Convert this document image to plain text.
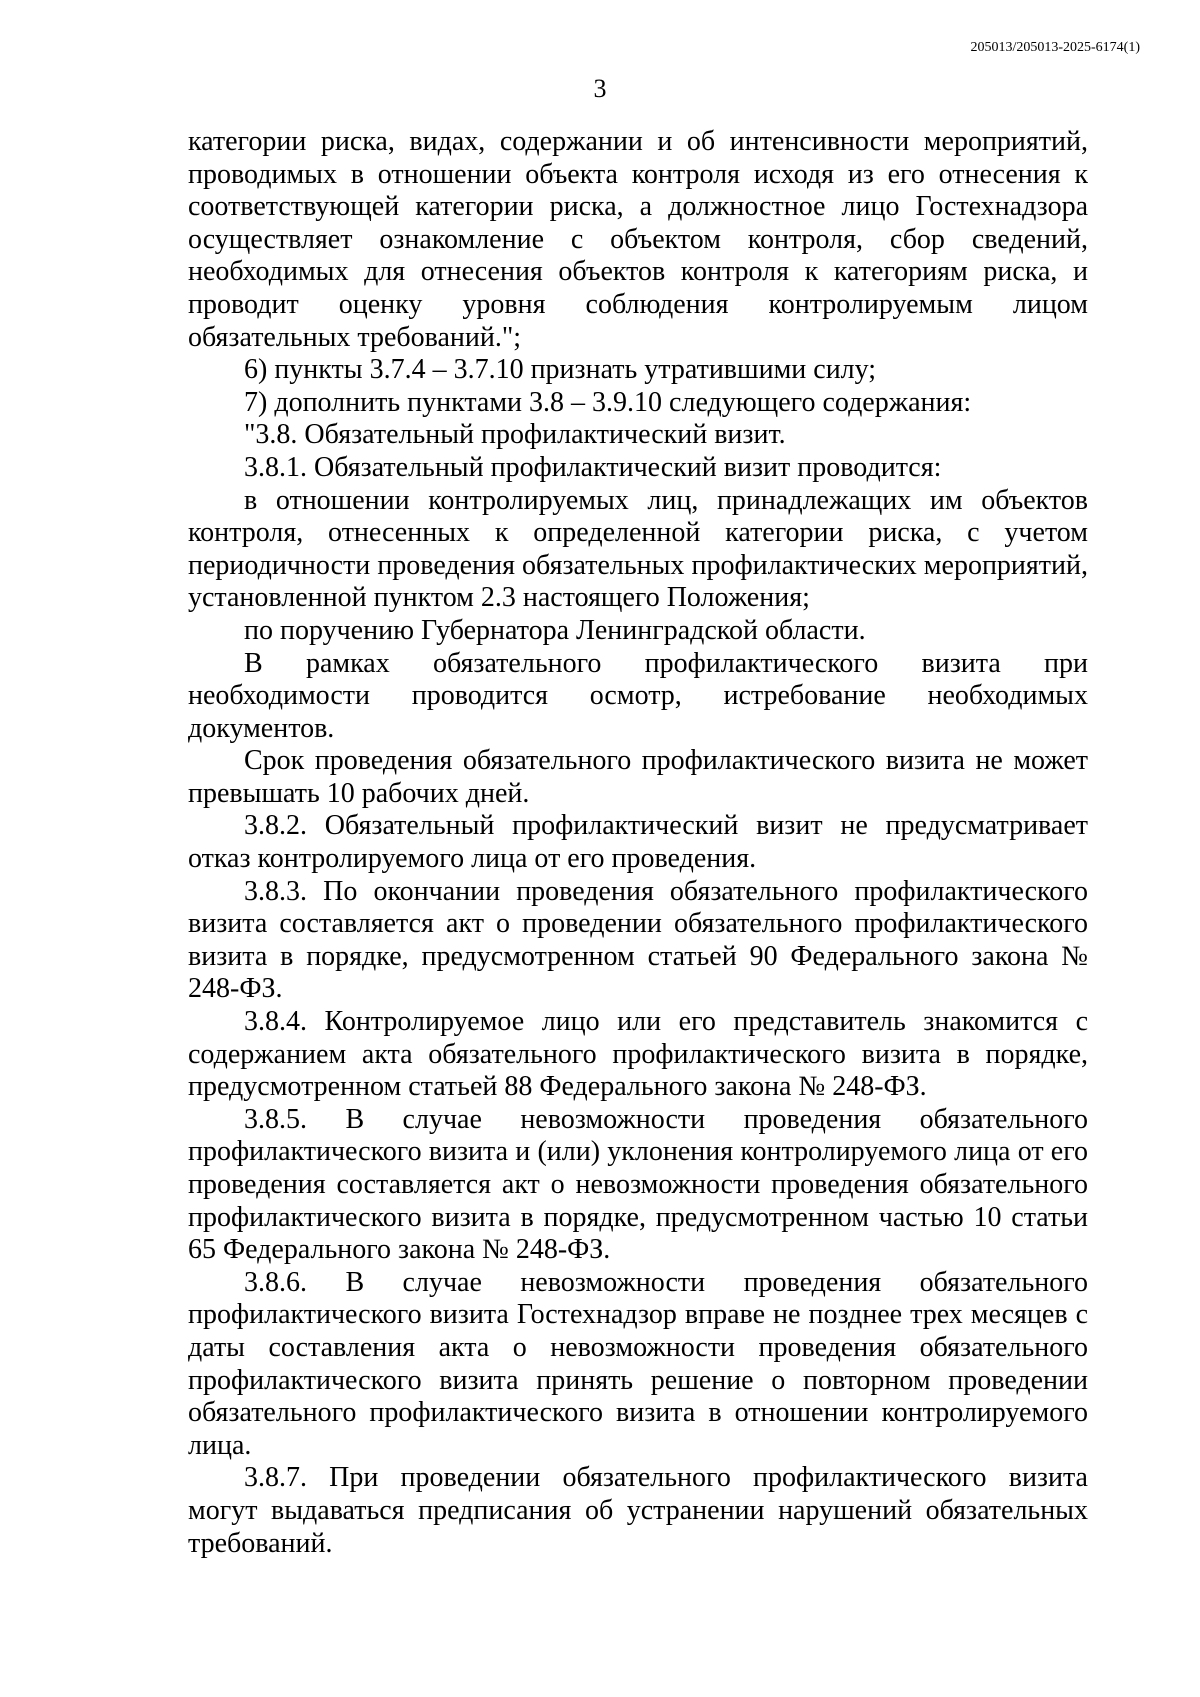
205013/205013-2025-6174(1)
3

категории риска, видах, содержании и об интенсивности мероприятий, проводимых в отношении объекта контроля исходя из его отнесения к соответствующей категории риска, а должностное лицо Гостехнадзора осуществляет ознакомление с объектом контроля, сбор сведений, необходимых для отнесения объектов контроля к категориям риска, и проводит оценку уровня соблюдения контролируемым лицом обязательных требований.";

6) пункты 3.7.4 – 3.7.10 признать утратившими силу;

7) дополнить пунктами 3.8 – 3.9.10 следующего содержания:

"3.8. Обязательный профилактический визит.

3.8.1. Обязательный профилактический визит проводится:

в отношении контролируемых лиц, принадлежащих им объектов контроля, отнесенных к определенной категории риска, с учетом периодичности проведения обязательных профилактических мероприятий, установленной пунктом 2.3 настоящего Положения;

по поручению Губернатора Ленинградской области.

В рамках обязательного профилактического визита при необходимости проводится осмотр, истребование необходимых документов.

Срок проведения обязательного профилактического визита не может превышать 10 рабочих дней.

3.8.2. Обязательный профилактический визит не предусматривает отказ контролируемого лица от его проведения.

3.8.3. По окончании проведения обязательного профилактического визита составляется акт о проведении обязательного профилактического визита в порядке, предусмотренном статьей 90 Федерального закона № 248-ФЗ.

3.8.4. Контролируемое лицо или его представитель знакомится с содержанием акта обязательного профилактического визита в порядке, предусмотренном статьей 88 Федерального закона № 248-ФЗ.

3.8.5. В случае невозможности проведения обязательного профилактического визита и (или) уклонения контролируемого лица от его проведения составляется акт о невозможности проведения обязательного профилактического визита в порядке, предусмотренном частью 10 статьи 65 Федерального закона № 248-ФЗ.

3.8.6. В случае невозможности проведения обязательного профилактического визита Гостехнадзор вправе не позднее трех месяцев с даты составления акта о невозможности проведения обязательного профилактического визита принять решение о повторном проведении обязательного профилактического визита в отношении контролируемого лица.

3.8.7. При проведении обязательного профилактического визита могут выдаваться предписания об устранении нарушений обязательных требований.
